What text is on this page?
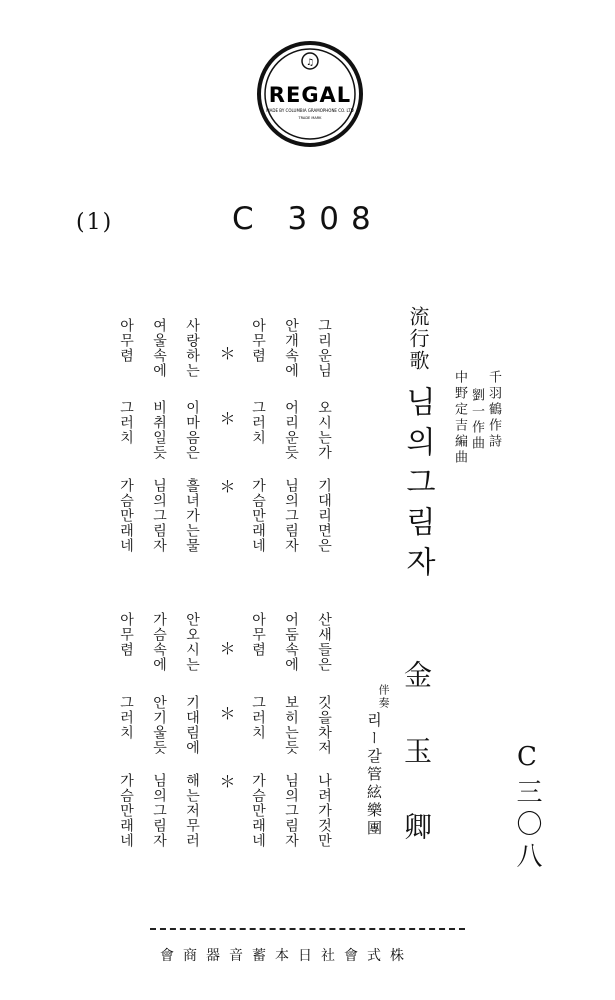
♫
REGAL
MADE BY COLUMBIA GRAMOPHONE CO. LTD
TRADE MARK
(1)	C 308
그리운님
오시는가
기대리면은
안개속에
어리운듯
님의그림자
아무렴
그러치
가슴만래네
＊
＊
＊
사랑하는
이마음은
흘녀가는물
여울속에
비취일듯
님의그림자
아무렴
그러치
가슴만래네
산새들은
깃을차저
나려가것만
어둠속에
보히는듯
님의그림자
아무렴
그러치
가슴만래네
＊
＊
＊
안오시는
기대림에
해는저무러
가슴속에
안기울듯
님의그림자
아무렴
그러치
가슴만래네
流行歌
님의그림자	千羽鶴作詩
劉一作曲
中野定吉編曲
金玉卿
伴奏
리ー갈管絃樂團	C三〇八
會商器音蓄本日社會式株
